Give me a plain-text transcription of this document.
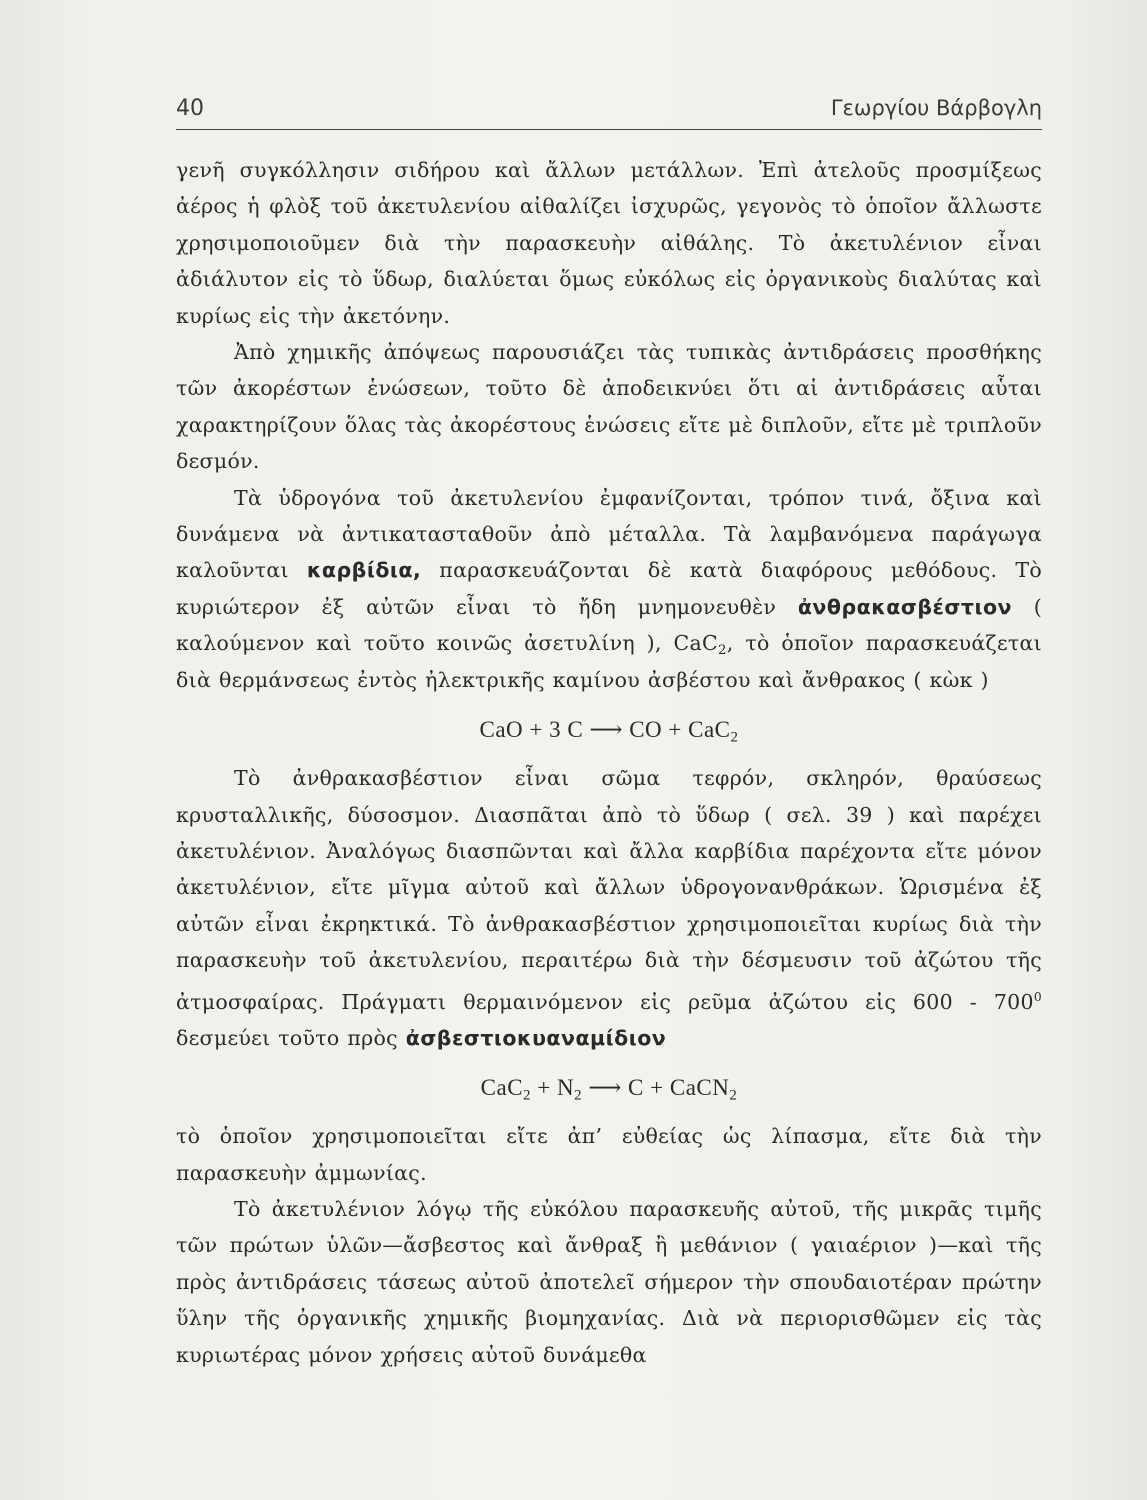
40	Γεωργίου Βάρβογλη

γενῆ συγκόλλησιν σιδήρου καὶ ἄλλων μετάλλων. Ἐπὶ ἀτελοῦς προσμίξεως ἀέρος ἡ φλὸξ τοῦ ἀκετυλενίου αἰθαλίζει ἰσχυρῶς, γεγονὸς τὸ ὁποῖον ἄλλωστε χρησιμοποιοῦμεν διὰ τὴν παρασκευὴν αἰθάλης. Τὸ ἀκετυλένιον εἶναι ἀδιάλυτον εἰς τὸ ὕδωρ, διαλύεται ὅμως εὐκόλως εἰς ὀργανικοὺς διαλύτας καὶ κυρίως εἰς τὴν ἀκετόνην.

Ἀπὸ χημικῆς ἀπόψεως παρουσιάζει τὰς τυπικὰς ἀντιδράσεις προσθήκης τῶν ἀκορέστων ἑνώσεων, τοῦτο δὲ ἀποδεικνύει ὅτι αἱ ἀντιδράσεις αὗται χαρακτηρίζουν ὅλας τὰς ἀκορέστους ἑνώσεις εἴτε μὲ διπλοῦν, εἴτε μὲ τριπλοῦν δεσμόν.

Τὰ ὑδρογόνα τοῦ ἀκετυλενίου ἐμφανίζονται, τρόπον τινά, ὄξινα καὶ δυνάμενα νὰ ἀντικατασταθοῦν ἀπὸ μέταλλα. Τὰ λαμβανόμενα παράγωγα καλοῦνται καρβίδια, παρασκευάζονται δὲ κατὰ διαφόρους μεθόδους. Τὸ κυριώτερον ἐξ αὐτῶν εἶναι τὸ ἤδη μνημονευθὲν ἀνθρακασβέστιον ( καλούμενον καὶ τοῦτο κοινῶς ἀσετυλίνη ), CaC$_2$, τὸ ὁποῖον παρασκευάζεται διὰ θερμάνσεως ἐντὸς ἠλεκτρικῆς καμίνου ἀσβέστου καὶ ἄνθρακος ( κὼκ )

CaO + 3 C ⟶ CO + CaC$_2$

Τὸ ἀνθρακασβέστιον εἶναι σῶμα τεφρόν, σκληρόν, θραύσεως κρυσταλλικῆς, δύσοσμον. Διασπᾶται ἀπὸ τὸ ὕδωρ ( σελ. 39 ) καὶ παρέχει ἀκετυλένιον. Ἀναλόγως διασπῶνται καὶ ἄλλα καρβίδια παρέχοντα εἴτε μόνον ἀκετυλένιον, εἴτε μῖγμα αὐτοῦ καὶ ἄλλων ὑδρογονανθράκων. Ὡρισμένα ἐξ αὐτῶν εἶναι ἐκρηκτικά. Τὸ ἀνθρακασβέστιον χρησιμοποιεῖται κυρίως διὰ τὴν παρασκευὴν τοῦ ἀκετυλενίου, περαιτέρω διὰ τὴν δέσμευσιν τοῦ ἀζώτου τῆς ἀτμοσφαίρας. Πράγματι θερμαινόμενον εἰς ρεῦμα ἀζώτου εἰς $600 - 700^0$ δεσμεύει τοῦτο πρὸς ἀσβεστιοκυαναμίδιον

$CaC_2 + N_2$ ⟶ C + CaCN$_2$

τὸ ὁποῖον χρησιμοποιεῖται εἴτε ἀπ’ εὐθείας ὡς λίπασμα, εἴτε διὰ τὴν παρασκευὴν ἀμμωνίας.

Τὸ ἀκετυλένιον λόγῳ τῆς εὐκόλου παρασκευῆς αὐτοῦ, τῆς μικρᾶς τιμῆς τῶν πρώτων ὑλῶν—ἄσβεστος καὶ ἄνθραξ ἢ μεθάνιον ( γαιαέριον )—καὶ τῆς πρὸς ἀντιδράσεις τάσεως αὐτοῦ ἀποτελεῖ σήμερον τὴν σπουδαιοτέραν πρώτην ὕλην τῆς ὀργανικῆς χημικῆς βιομηχανίας. Διὰ νὰ περιορισθῶμεν εἰς τὰς κυριωτέρας μόνον χρήσεις αὐτοῦ δυνάμεθα
